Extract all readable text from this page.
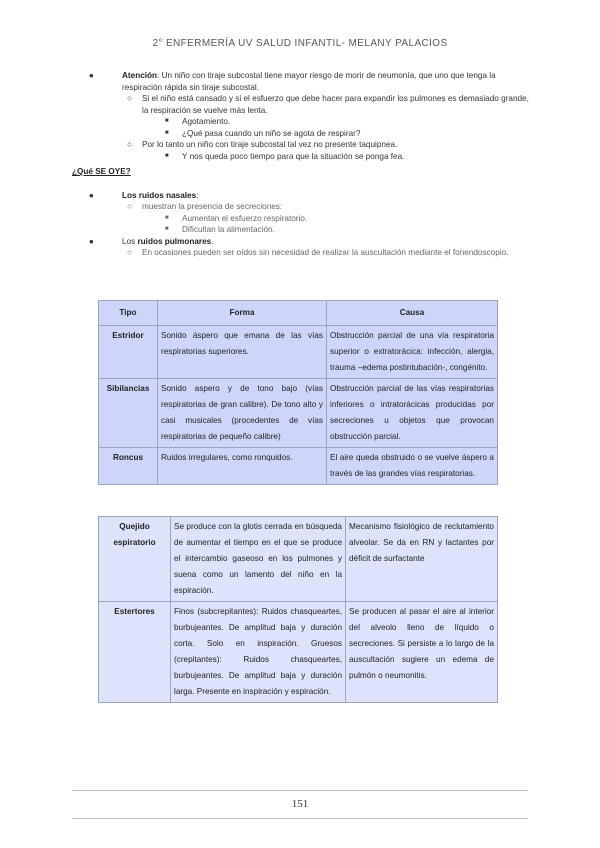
2° ENFERMERÍA UV SALUD INFANTIL- MELANY PALACIOS
●	Atención: Un niño con tiraje subcostal tiene mayor riesgo de morir de neumonía, que uno que tenga la respiración rápida sin tiraje subcostal.
○ Si el niño está cansado y si el esfuerzo que debe hacer para expandir los pulmones es demasiado grande, la respiración se vuelve más lenta.
■ Agotamiento.
■ ¿Qué pasa cuando un niño se agota de respirar?
○ Por lo tanto un niño con tiraje subcostal tal vez no presente taquipnea.
■ Y nos queda poco tiempo para que la situación se ponga fea.
¿Qué SE OYE?
●	Los ruidos nasales:
○ muestran la presencia de secreciones:
■ Aumentan el esfuerzo respiratorio.
■ Dificultan la alimentación.
●	Los ruidos pulmonares.
○ En ocasiones pueden ser oídos sin necesidad de realizar la auscultación mediante el fonendoscopio.
Tipo	Forma	Causa
Estridor	Sonido áspero que emana de las vías respiratorias superiores.	Obstrucción parcial de una vía respiratoria superior o extratorácica: infección, alergia, trauma –edema postintubación-, congénito.
Sibilancias	Sonido aspero y de tono bajo (vías respiratorias de gran calibre). De tono alto y casi musicales (procedentes de vías respiratorias de pequeño calibre)	Obstrucción parcial de las vías respiratorias inferiores o intratorácicas producidas por secreciones u objetos que provocan obstrucción parcial.
Roncus	Ruidos irregulares, como ronquidos.	El aire queda obstruido o se vuelve áspero a través de las grandes vías respiratorias.
Quejido espiratorio	Se produce con la glotis cerrada en búsqueda de aumentar el tiempo en el que se produce el intercambio gaseoso en los pulmones y suena como un lamento del niño en la espiración.	Mecanismo fisiológico de reclutamiento alveolar. Se da en RN y lactantes por déficit de surfactante
Estertores	Finos (subcrepitantes): Ruidos chasqueartes, burbujeantes. De amplitud baja y duración corta. Solo en inspiración. Gruesos (crepitantes): Ruidos chasqueartes, burbujeantes. De amplitud baja y duración larga. Presente en inspiración y espiración.	Se producen al pasar el aire al interior del alveolo lleno de líquido o secreciones. Si persiste a lo largo de la auscultación sugiere un edema de pulmón o neumonitis.
151
